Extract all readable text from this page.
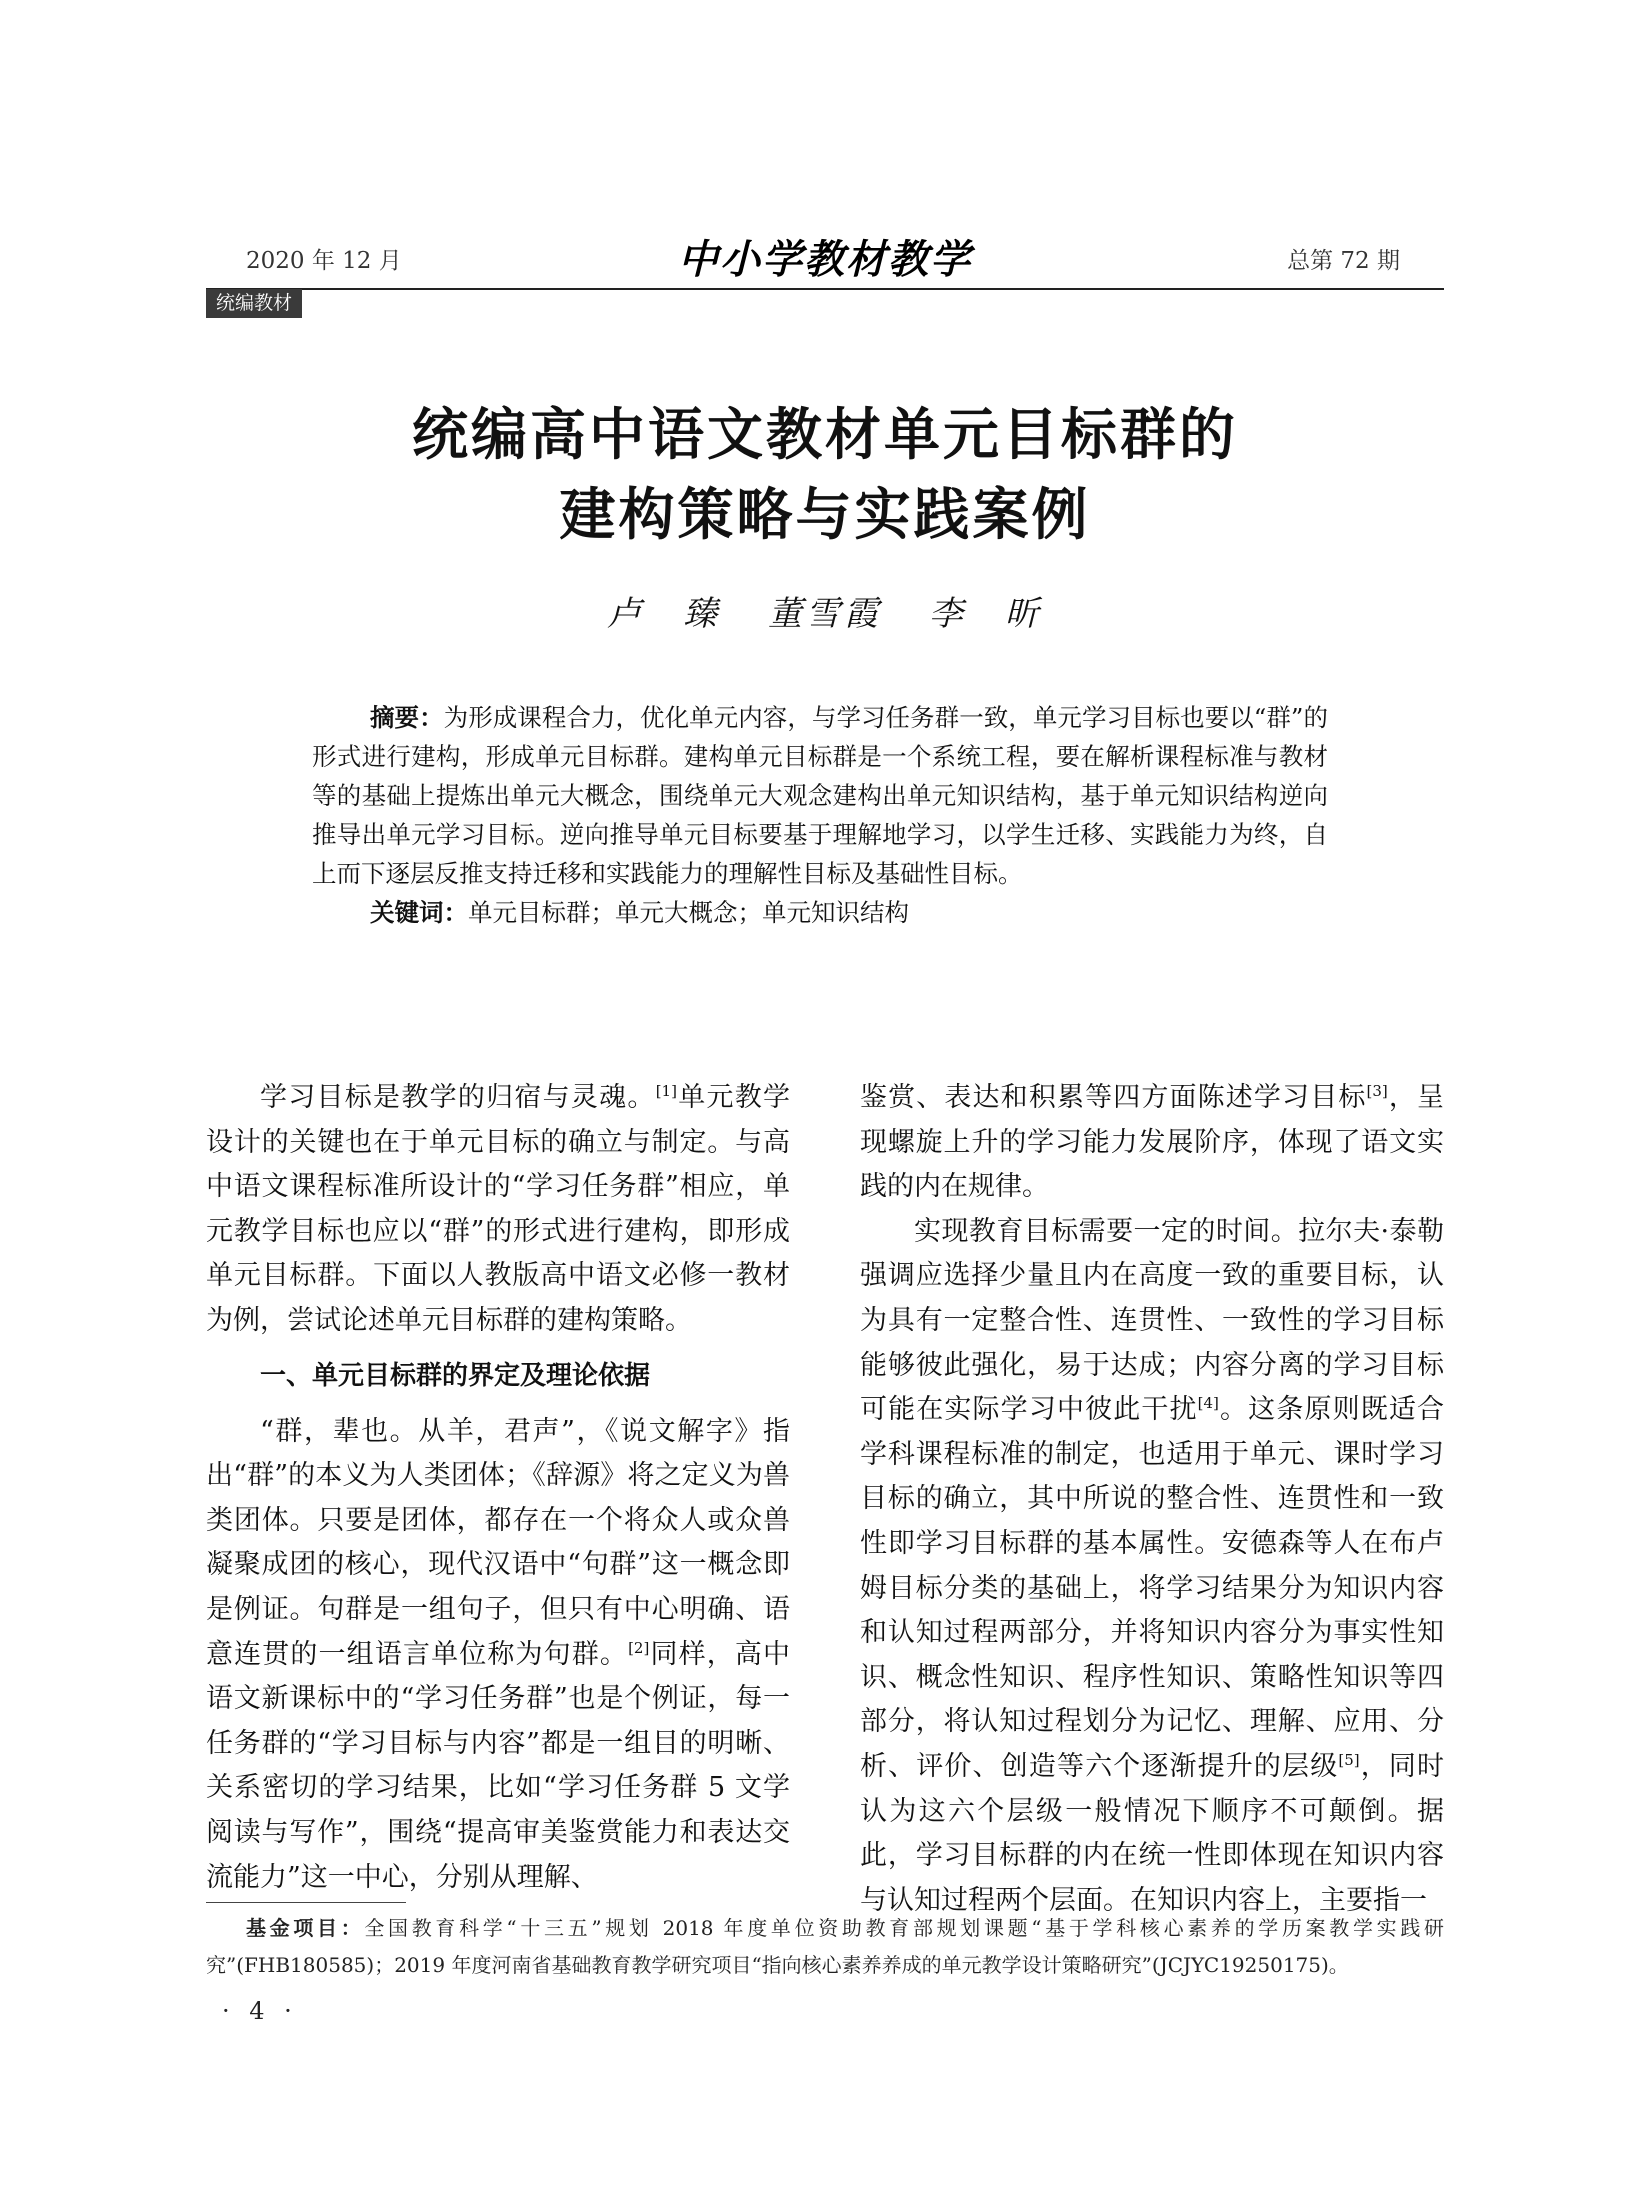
2020 年 12 月	中小学教材教学	总第 72 期
统编教材
统编高中语文教材单元目标群的
建构策略与实践案例
卢　臻 董雪霞 李　昕

摘要：为形成课程合力，优化单元内容，与学习任务群一致，单元学习目标也要以“群”的形式进行建构，形成单元目标群。建构单元目标群是一个系统工程，要在解析课程标准与教材等的基础上提炼出单元大概念，围绕单元大观念建构出单元知识结构，基于单元知识结构逆向推导出单元学习目标。逆向推导单元目标要基于理解地学习，以学生迁移、实践能力为终，自上而下逐层反推支持迁移和实践能力的理解性目标及基础性目标。

关键词：单元目标群；单元大概念；单元知识结构

学习目标是教学的归宿与灵魂。[1]单元教学设计的关键也在于单元目标的确立与制定。与高中语文课程标准所设计的“学习任务群”相应，单元教学目标也应以“群”的形式进行建构，即形成单元目标群。下面以人教版高中语文必修一教材为例，尝试论述单元目标群的建构策略。

一、单元目标群的界定及理论依据

“群，辈也。从羊，君声”，《说文解字》指出“群”的本义为人类团体；《辞源》将之定义为兽类团体。只要是团体，都存在一个将众人或众兽凝聚成团的核心，现代汉语中“句群”这一概念即是例证。句群是一组句子，但只有中心明确、语意连贯的一组语言单位称为句群。[2]同样，高中语文新课标中的“学习任务群”也是个例证，每一任务群的“学习目标与内容”都是一组目的明晰、关系密切的学习结果，比如“学习任务群 5 文学阅读与写作”，围绕“提高审美鉴赏能力和表达交流能力”这一中心，分别从理解、

鉴赏、表达和积累等四方面陈述学习目标[3]，呈现螺旋上升的学习能力发展阶序，体现了语文实践的内在规律。

实现教育目标需要一定的时间。拉尔夫·泰勒强调应选择少量且内在高度一致的重要目标，认为具有一定整合性、连贯性、一致性的学习目标能够彼此强化，易于达成；内容分离的学习目标可能在实际学习中彼此干扰[4]。这条原则既适合学科课程标准的制定，也适用于单元、课时学习目标的确立，其中所说的整合性、连贯性和一致性即学习目标群的基本属性。安德森等人在布卢姆目标分类的基础上，将学习结果分为知识内容和认知过程两部分，并将知识内容分为事实性知识、概念性知识、程序性知识、策略性知识等四部分，将认知过程划分为记忆、理解、应用、分析、评价、创造等六个逐渐提升的层级[5]，同时认为这六个层级一般情况下顺序不可颠倒。据此，学习目标群的内在统一性即体现在知识内容与认知过程两个层面。在知识内容上，主要指一

基金项目：全国教育科学“十三五”规划 2018 年度单位资助教育部规划课题“基于学科核心素养的学历案教学实践研究”(FHB180585)；2019 年度河南省基础教育教学研究项目“指向核心素养养成的单元教学设计策略研究”(JCJYC19250175)。
· 4 ·
